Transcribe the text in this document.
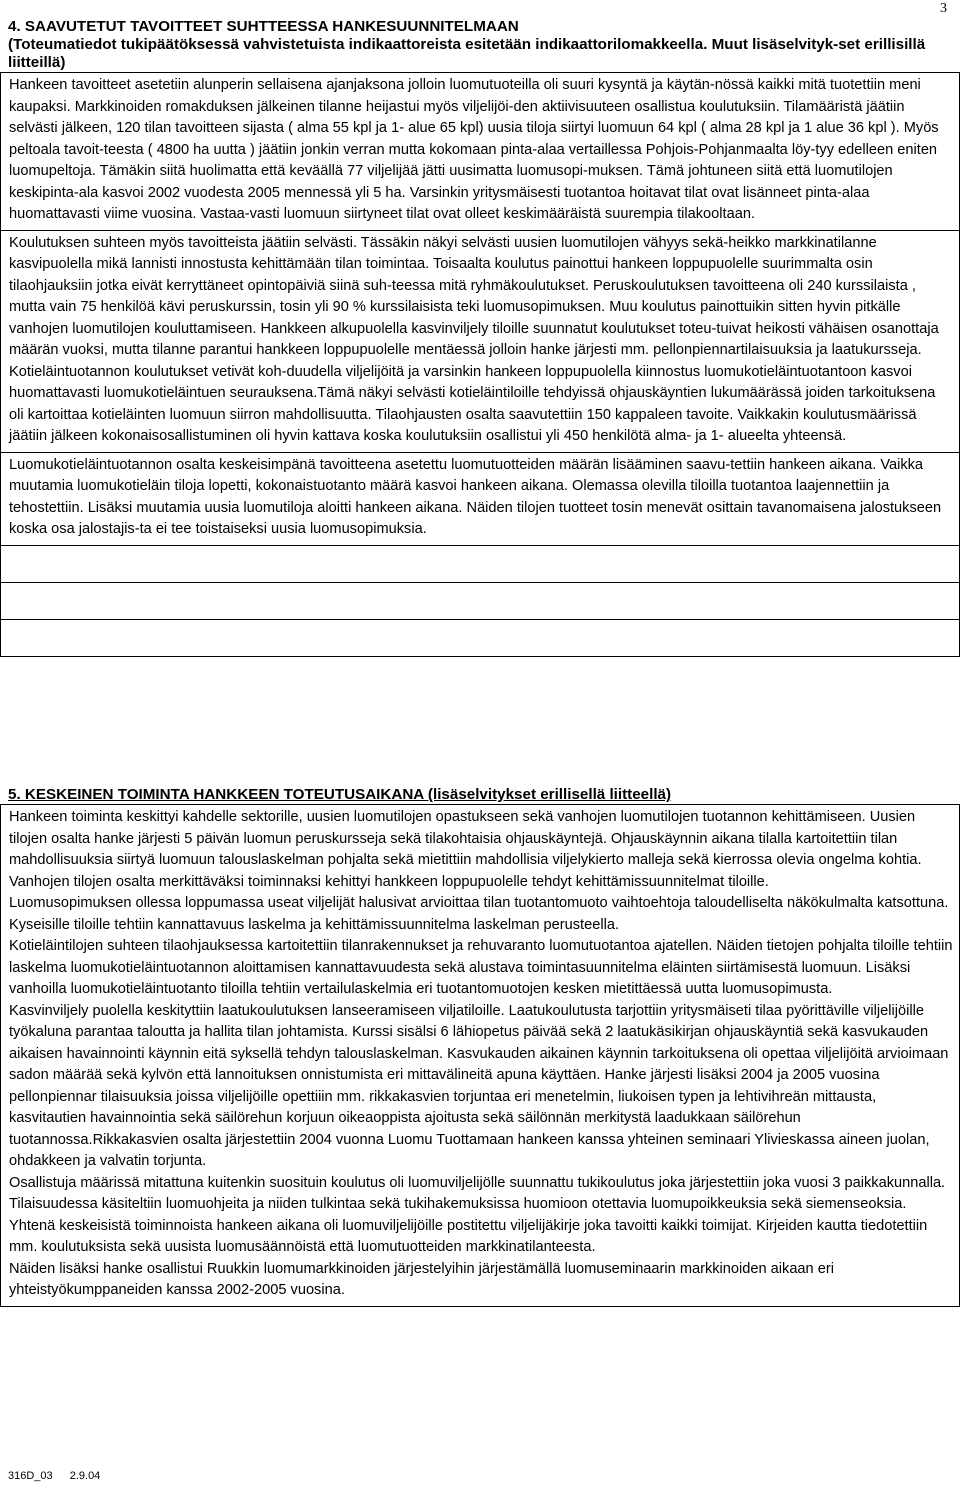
3
4. SAAVUTETUT TAVOITTEET SUHTTEESSA HANKESUUNNITELMAAN
(Toteumatiedot tukipäätöksessä vahvistetuista indikaattoreista esitetään indikaattorilomakkeella. Muut lisäselvityk-set erillisillä liitteillä)

Hankeen tavoitteet asetetiin alunperin sellaisena ajanjaksona jolloin luomutuoteilla oli suuri kysyntä ja käytän-nössä kaikki mitä tuotettiin meni kaupaksi. Markkinoiden romakduksen jälkeinen tilanne heijastui myös viljelijöi-den aktiivisuuteen osallistua koulutuksiin. Tilamääristä jäätiin selvästi jälkeen, 120 tilan tavoitteen sijasta ( alma 55 kpl ja 1- alue 65 kpl) uusia tiloja siirtyi luomuun 64 kpl ( alma 28 kpl ja 1 alue 36 kpl ). Myös peltoala tavoit-teesta ( 4800 ha uutta ) jäätiin jonkin verran mutta kokomaan pinta-alaa vertaillessa Pohjois-Pohjanmaalta löy-tyy edelleen eniten luomupeltoja. Tämäkin siitä huolimatta että keväällä 77 viljelijää jätti uusimatta luomusopi-muksen. Tämä johtuneen siitä että luomutilojen keskipinta-ala kasvoi 2002 vuodesta 2005 mennessä yli 5 ha. Varsinkin yritysmäisesti tuotantoa hoitavat tilat ovat lisänneet pinta-alaa huomattavasti viime vuosina. Vastaa-vasti luomuun siirtyneet tilat ovat olleet keskimääräistä suurempia tilakooltaan.

Koulutuksen suhteen myös tavoitteista jäätiin selvästi. Tässäkin näkyi selvästi uusien luomutilojen vähyys sekä-heikko markkinatilanne kasvipuolella mikä lannisti innostusta kehittämään tilan toimintaa. Toisaalta koulutus painottui hankeen loppupuolelle suurimmalta osin tilaohjauksiin jotka eivät kerryttäneet opintopäiviä siinä suh-teessa mitä ryhmäkoulutukset. Peruskoulutuksen tavoitteena oli 240 kurssilaista , mutta vain 75 henkilöä kävi peruskurssin, tosin yli 90 % kurssilaisista teki luomusopimuksen. Muu koulutus painottuikin sitten hyvin pitkälle vanhojen luomutilojen kouluttamiseen. Hankkeen alkupuolella kasvinviljely tiloille suunnatut koulutukset toteu-tuivat heikosti vähäisen osanottaja määrän vuoksi, mutta tilanne parantui hankkeen loppupuolelle mentäessä jolloin hanke järjesti mm. pellonpiennartilaisuuksia ja laatukursseja. Kotieläintuotannon koulutukset vetivät koh-duudella viljelijöitä ja varsinkin hankeen loppupuolella kiinnostus luomukotieläintuotantoon kasvoi huomattavasti luomukotieläintuen seurauksena.Tämä näkyi selvästi kotieläintiloille tehdyissä ohjauskäyntien lukumäärässä joiden tarkoituksena oli kartoittaa kotieläinten luomuun siirron mahdollisuutta. Tilaohjausten osalta saavutettiin 150 kappaleen tavoite. Vaikkakin koulutusmäärissä jäätiin jälkeen kokonaisosallistuminen oli hyvin kattava koska koulutuksiin osallistui yli 450 henkilötä alma- ja 1- alueelta yhteensä.

Luomukotieläintuotannon osalta keskeisimpänä tavoitteena asetettu luomutuotteiden määrän lisääminen saavu-tettiin hankeen aikana. Vaikka muutamia luomukotieläin tiloja lopetti, kokonaistuotanto määrä kasvoi hankeen aikana. Olemassa olevilla tiloilla tuotantoa laajennettiin ja tehostettiin. Lisäksi muutamia uusia luomutiloja aloitti hankeen aikana. Näiden tilojen tuotteet tosin menevät osittain tavanomaisena jalostukseen koska osa jalostajis-ta ei tee toistaiseksi uusia luomusopimuksia.

5. KESKEINEN TOIMINTA HANKKEEN TOTEUTUSAIKANA (lisäselvitykset erillisellä liitteellä)

Hankeen toiminta keskittyi kahdelle sektorille, uusien luomutilojen opastukseen sekä vanhojen luomutilojen tuotannon kehittämiseen. Uusien tilojen osalta hanke järjesti 5 päivän luomun peruskursseja sekä tilakohtaisia ohjauskäyntejä. Ohjauskäynnin aikana tilalla kartoitettiin tilan mahdollisuuksia siirtyä luomuun talouslaskelman pohjalta sekä mietittiin mahdollisia viljelykierto malleja sekä kierrossa olevia ongelma kohtia. Vanhojen tilojen osalta merkittäväksi toiminnaksi kehittyi hankkeen loppupuolelle tehdyt kehittämissuunnitelmat tiloille.

Luomusopimuksen ollessa loppumassa useat viljelijät halusivat arvioittaa tilan tuotantomuoto vaihtoehtoja taloudelliselta näkökulmalta katsottuna. Kyseisille tiloille tehtiin kannattavuus laskelma ja kehittämissuunnitelma laskelman perusteella.

Kotieläintilojen suhteen tilaohjauksessa kartoitettiin tilanrakennukset ja rehuvaranto luomutuotantoa ajatellen. Näiden tietojen pohjalta tiloille tehtiin laskelma luomukotieläintuotannon aloittamisen kannattavuudesta sekä alustava toimintasuunnitelma eläinten siirtämisestä luomuun. Lisäksi vanhoilla luomukotieläintuotanto tiloilla tehtiin vertailulaskelmia eri tuotantomuotojen kesken mietittäessä uutta luomusopimusta.

Kasvinviljely puolella keskityttiin laatukoulutuksen lanseeramiseen viljatiloille. Laatukoulutusta tarjottiin yritysmäiseti tilaa pyörittäville viljelijöille työkaluna parantaa taloutta ja hallita tilan johtamista. Kurssi sisälsi 6 lähiopetus päivää sekä 2 laatukäsikirjan ohjauskäyntiä sekä kasvukauden aikaisen havainnointi käynnin eitä syksellä tehdyn talouslaskelman. Kasvukauden aikainen käynnin tarkoituksena oli opettaa viljelijöitä arvioimaan sadon määrää sekä kylvön että lannoituksen onnistumista eri mittavälineitä apuna käyttäen. Hanke järjesti lisäksi 2004 ja 2005 vuosina pellonpiennar tilaisuuksia joissa viljelijöille opettiiin mm. rikkakasvien torjuntaa eri menetelmin, liukoisen typen ja lehtivihreän mittausta, kasvitautien havainnointia sekä säilörehun korjuun oikeaoppista ajoitusta sekä säilönnän merkitystä laadukkaan säilörehun tuotannossa.Rikkakasvien osalta järjestettiin 2004 vuonna Luomu Tuottamaan hankeen kanssa yhteinen seminaari Ylivieskassa aineen juolan, ohdakkeen ja valvatin torjunta.

Osallistuja määrissä mitattuna kuitenkin suosituin koulutus oli luomuviljelijölle suunnattu tukikoulutus joka järjestettiin joka vuosi 3 paikkakunnalla. Tilaisuudessa käsiteltiin luomuohjeita ja niiden tulkintaa sekä tukihakemuksissa huomioon otettavia luomupoikkeuksia sekä siemenseoksia.

Yhtenä keskeisistä toiminnoista hankeen aikana oli luomuviljelijöille postitettu viljelijäkirje joka tavoitti kaikki toimijat. Kirjeiden kautta tiedotettiin mm. koulutuksista sekä uusista luomusäännöistä että luomutuotteiden markkinatilanteesta.

Näiden lisäksi hanke osallistui Ruukkin luomumarkkinoiden järjestelyihin järjestämällä luomuseminaarin markkinoiden aikaan eri yhteistyökumppaneiden kanssa 2002-2005 vuosina.

316D_03 2.9.04
